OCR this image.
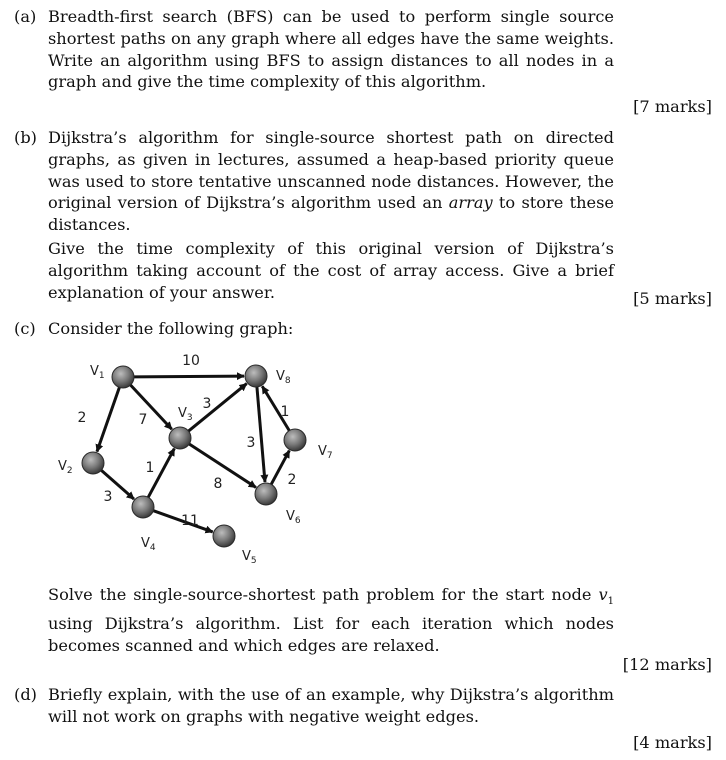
(a) Breadth-first search (BFS) can be used to perform single source shortest paths on any graph where all edges have the same weights. Write an algorithm using BFS to assign distances to all nodes in a graph and give the time complexity of this algorithm.

[7 marks]
(b) Dijkstra’s algorithm for single-source shortest path on directed graphs, as given in lectures, assumed a heap-based priority queue was used to store tentative unscanned node distances. However, the original version of Dijkstra’s algorithm used an array to store these distances.

Give the time complexity of this original version of Dijkstra’s algorithm taking account of the cost of array access. Give a brief explanation of your answer.	[5 marks]
(c) Consider the following graph:

10
2	7
3
1
11
3
8
3
1
2
$V_1$
$V_2$
$V_3$
$V_4$
$V_5$
$V_6$
$V_7$
$V_8$

Solve the single-source-shortest path problem for the start node $v_1$ using Dijkstra’s algorithm. List for each iteration which nodes becomes scanned and which edges are relaxed.

[12 marks]
(d) Briefly explain, with the use of an example, why Dijkstra’s algorithm will not work on graphs with negative weight edges.

[4 marks]
